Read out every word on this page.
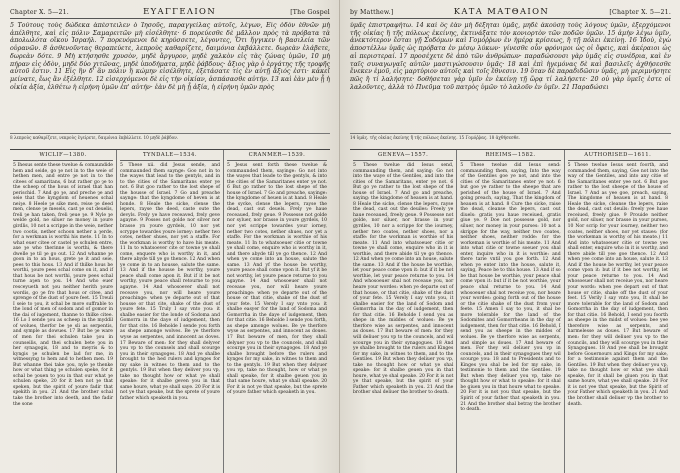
Chapter X. 5—21.	ΕΥΑΓΓΕΛΙΟΝ	[The Gospel

5 Τούτους τοὺς δώδεκα ἀπέστειλεν ὁ Ἰησοῦς, παραγγείλας αὐτοῖς, λέγων, Εἰς ὁδὸν ἐθνῶν μὴ ἀπέλθητε, καὶ εἰς πόλιν Σαμαρειτῶν μὴ εἰσέλθητε· 6 πορεύεσθε δὲ μᾶλλον πρὸς τὰ πρόβατα τὰ ἀπολωλότα οἴκου Ἰσραήλ. 7 πορευόμενοι δὲ κηρύσσετε, λέγοντες, Ὅτι ἤγγικεν ἡ βασιλεία τῶν οὐρανῶν. 8 ἀσθενοῦντας θεραπεύετε, λεπροὺς καθαρίζετε, δαιμόνια ἐκβάλλετε. δωρεὰν ἐλάβετε, δωρεὰν δότε. 9 Μὴ κτήσησθε χρυσὸν, μηδὲ ἄργυρον, μηδὲ χαλκὸν εἰς τὰς ζώνας ὑμῶν, 10 μὴ πήραν εἰς ὁδὸν, μηδὲ δύο χιτῶνας, μηδὲ ὑποδήματα, μηδὲ ῥάβδους· ἄξιος γὰρ ὁ ἐργάτης τῆς τροφῆς αὐτοῦ ἐστιν. 11 Εἰς ἣν δ' ἂν πόλιν ἢ κώμην εἰσέλθητε, ἐξετάσατε τίς ἐν αὐτῇ ἄξιός ἐστι· κἀκεῖ μείνατε, ἕως ἂν ἐξέλθητε. 12 εἰσερχόμενοι δὲ εἰς τὴν οἰκίαν, ἀσπάσασθε αὐτήν. 13 καὶ ἐὰν μὲν ᾖ ἡ οἰκία ἀξία, ἐλθέτω ἡ εἰρήνη ὑμῶν ἐπ' αὐτήν· ἐὰν δὲ μὴ ᾖ ἀξία, ἡ εἰρήνη ὑμῶν πρὸς

8 λεπροὺς καθαρίζετε, νεκροὺς ἐγείρετε, δαιμόνια ἐκβάλλετε. 10 μηδὲ ῥάβδον.
WICLIF—1380.
5 Ihesus sente these twelue & comaundide hem and seide, go ȝe not in to the weie of hethen men, and entre ȝe not in to the citees of samaritans, 6 but rather go ȝe to the scheep of the hous of israel that han perischid. 7 And go ȝe, and preche ȝe and seie that the kyngdom of heuenes schal neiȝe. 8 Heele ȝe sike men, reise ȝe deed men, clense ȝe mesels, cast ȝe out deuelis, freli ȝe han taken, freli ȝeue ȝe. 9 Nyle ȝe welde gold, ne siluer ne money in ȝoure girdlis, 10 not a scrippe in the weie, nether two cootis, nether schoon nether a ȝerde, for a werkman is worthi his mete. 11 In to what euer citee or castel ȝe schulen entre, axe ȝe who therinne is worthi, & there dwelle ȝe til ȝe go out. 12 And whanne ȝe goon in to an hous, grete ȝe it and seie, pees to this hous. 13 And if thilke hous be worthi, ȝoure pees schal come on it, and if that hous be not worthi, ȝoure pees schal turne aȝen to ȝou. 14 And who euer resceyueth not ȝou neither herith ȝoure wordis, go ȝe fro that hous or citee, and sprenge of the dust of ȝoure feet. 15 Treuli I seie to ȝou, it schal be more suffrable to the lond of men of sodom and of gomor in the dai of iugement, thanne to thilke citee. 16 Lo I sende ȝou as scheep in the myddil of wolues, therfor be ȝe sli as serpentis, and symple as dowues. 17 But be ȝe ware of men for thei schulen take ȝou in counseilis, and thei schulen bete ȝou in her synagogis, 18 and to meyris & to kyngis ȝe schulen be lad for me, in witnessyng to hem and to hethen men. 19 But whanne thei take ȝou, nyle ȝe thenke how or what thing ȝe schulen speke, for it schal be ȝouen to ȝou in that our what ȝe schulen speke, 20 for it ben not ȝe that speken, but the spirit of ȝoure fadir that spekith in ȝou. 21 And the brother schal take the brother into deeth, and the fadir the sone
TYNDALE—1534.
5 These xii. did Jesus sende, and commaunded them saynge: Goo not in to the wayes that lead to the gentyls, and in to the cities of the Samaritans enter ye not. 6 But goo rather to the lost shepe of the housse of Israel. 7 Go and preache saynge: that the kyngdome of heven is at honde. 8 Heale the sicke, clense the lepers, rayse the deed, caste oute the devyls. Frely ye have receaved, frely geve agayne. 9 Posses not golde nor silver nor brasse yn youre gyrdels, 10 nor yet scryppe towardes youre iorney: nether two cotes, nether shues, nor yet a staffe. For the workman is worthy to have his meate. 11 In to whatsoever cite or towne ye shall come, enquere who is worthy in it, and there abyde till ye go thence. 12 And when ye come in to an housse, salute the same. 13 And if the housse be worthy, youre peace shall come apon it. But if it be not worthy, youre peace shall retourne to you agayne. 14 And whosoever shall not receave you, nor will heare youre preachinge: when ye departe out of that housse or that cite, shake of the dust of youre fete. 15 Truly I say vnto you: it shalbe easier for the londe of Sodoma and Gomorra in the daye of iudgement, then for that cite. 16 Beholde I sende you forth as shepe amonge wolves. Be ye therfore wyse as serpentes, and innocent as doves. 17 Beware of men: for they shall delyver you vp to the counsels and shall scourge you in their synagoges. 18 And ye shalbe brought to the hed rulers and kynges for my sake in witnes to them and to the gentyls. 19 But when they deliver you vp, take no thought how or what ye shall speake: for it shalbe geven you in that same houre, what ye shall saye. 20 For it is not ye that speake, but the sprete of youre father which speaketh in you.
CRANMER—1539.
5 Jesus sent forth these twelue & commaunded them, sayinge: Go not into the wayes that leade to the gentyls, & into the cities of the Samaritanes enter ye not. 6 But go rather to the lost shepe of the house of Israel. 7 Go and preache, sayinge: the kyngdome of heuen is at hand. 8 Heale the sycke, clense the lepers, rayse the dead, cast out deuels. Frely ye haue receaued, frely geue. 9 Possesse not golde nor syluer, nor brasse in youre gyrdels, 10 nor yet scrippe towardes your iorney, nether two cotes, nether shues, nor yet a staffe. For the workman is worthie of his meate. 11 In to whatsoeuer citie or towne ye shall come, enquire who is worthy in it, and there abyde till ye go thence. 12 And when ye come into an house, salute the same. 13 And yf the house be worthy, youre peace shall come vpon it. But yf it be not worthy, let youre peace returne to you agayne. 14 And whosoeuer shall not receaue you, nor will heare youre preachinge: when ye departe out of the house or that citie, shake of the dust of your fete. 15 Verely I say vnto you: it shalbe easyer for the land of Sodoma and Gomorrha in the daye of iudgement, then for that citie. 16 Beholde I sende you forth, as shepe amonge wolues. Be ye therfore wyse as serpentes, and innocent as doues. 17 But beware of men, for they shall delyuer you vp to the councels, and shall scourge you in their synagoges. 18 And ye shalbe brought before the rulers and kynges for my sake, in witnes to them and to the gentyls. 19 But when they delyuer you vp, take no thought, how or what ye shall speake, for it shalbe geuen you in that same houre, what ye shall speake. 20 For it is not ye that speake, but the sprete of youre father which speaketh in you.
by Matthew.]	ΚΑΤΑ ΜΑΤΘΑΙΟΝ	[Chapter X. 5—21.

ὑμᾶς ἐπιστραφήτω. 14 καὶ ὃς ἐὰν μὴ δέξηται ὑμᾶς, μηδὲ ἀκούσῃ τοὺς λόγους ὑμῶν, ἐξερχόμενοι τῆς οἰκίας ἢ τῆς πόλεως ἐκείνης, ἐκτινάξατε τὸν κονιορτὸν τῶν ποδῶν ὑμῶν. 15 ἀμὴν λέγω ὑμῖν, ἀνεκτότερον ἔσται γῇ Σοδόμων καὶ Γομόῤῥων ἐν ἡμέρᾳ κρίσεως, ἢ τῇ πόλει ἐκείνῃ. 16 Ἰδοὺ, ἐγὼ ἀποστέλλω ὑμᾶς ὡς πρόβατα ἐν μέσῳ λύκων· γίνεσθε οὖν φρόνιμοι ὡς οἱ ὄφεις, καὶ ἀκέραιοι ὡς αἱ περιστεραί. 17 προσέχετε δὲ ἀπὸ τῶν ἀνθρώπων· παραδώσουσι γὰρ ὑμᾶς εἰς συνέδρια, καὶ ἐν ταῖς συναγωγαῖς αὐτῶν μαστιγώσουσιν ὑμᾶς· 18 καὶ ἐπὶ ἡγεμόνας δὲ καὶ βασιλεῖς ἀχθήσεσθε ἕνεκεν ἐμοῦ, εἰς μαρτύριον αὐτοῖς καὶ τοῖς ἔθνεσιν. 19 ὅταν δὲ παραδιδῶσιν ὑμᾶς, μὴ μεριμνήσητε πῶς ἢ τί λαλήσητε· δοθήσεται γὰρ ὑμῖν ἐν ἐκείνῃ τῇ ὥρᾳ τί λαλήσετε· 20 οὐ γὰρ ὑμεῖς ἐστε οἱ λαλοῦντες, ἀλλὰ τὸ Πνεῦμα τοῦ πατρὸς ὑμῶν τὸ λαλοῦν ἐν ὑμῖν. 21 Παραδώσει

14 ὑμᾶς. τῆς οἰκίας ἐκείνης ἢ τῆς πόλεως ἐκείνης. 15 Γομόῤῥας. 18 ἀχθήσεσθε.
GENEVA—1557.
5 These twelue did Iesus send, commaunding them, and saying: Go not into the waye of the Gentiles, and into the cities of the Samaritans, enter ye not. 6 But go ye rather to the lost shepe of the house of Israel. 7 And go and preache, saying: the kingdome of heauen is at hand. 8 Heale the sicke, clense the lepers, rayse the dead, cast out the deuiles: Freely ye haue receaued, freely geue. 9 Possesse not golde, nor siluer, nor brasse in your gyrdles, 10 nor a scrippe for the iourney, nether two coates, nether shoes, nor a staffe: for the workman is worthie of his meate. 11 And into whatsoeuer citie or towne ye shall come, enquire who in it is worthie, and there abide til ye go thence. 12 And when ye come into an house, salute the same. 13 And if the house be worthie, let your peace come vpon it: but if it be not worthie, let your peace returne to you. 14 And whosoeuer shal not receaue you, nor heare your wordes: when ye departe out of that house, or that citie, shake of the dust of your fete. 15 Verely I say vnto you, it shalbe easier for the land of Sodom and Gomorrha in the day of iudgement, then for that citie. 16 Beholde I send you as shepe in the middes of wolues: Be ye therfore wise as serpentes, and innocent as doues. 17 But beware of men: for they will deliuer you vp to the councels, and wil scourge you in their synagogues. 18 And ye shalbe brought to the rulers and Kinges for my sake, in witnes to them, and to the Gentiles. 19 But when they deliuer you vp, take no thought how or what ye shal speake: for it shalbe geuen you in that houre, what ye shal speake. 20 For it is not ye that speake, but the spirit of your Father which speaketh in you. 21 And the brother shal deliuer the brother to death.
RHEIMS—1582.
5 These twelue did Iesus send: commaunding them, saying, Into the way of the Gentiles goe ye not, and into the cities of the Samaritanes enter ye not: 6 but goe ye rather to the sheepe that are perished of the house of Israel. 7 And going preach, saying, That the kingdom of heauen is at hand. 8 Cure the sicke, raise the dead, cleanse the lepers, cast out diuels: gratis you haue receiued, gratis giue ye. 9 Doe not possesse gold, nor siluer, nor money in your purses: 10 not a skrippe for the way, neither two coates, neither shoes, neither rodde: for the workeman is worthie of his meate. 11 And into what citie or towne soeuer you shal enter, inquire who in it is worthie: and there tarie vntil you goe forth. 12 And when ye enter into the house, salute it, saying, Peace be to this house. 13 And if so be that house be worthie, your peace shal come vpon it: but if it be not worthie, your peace shal returne to you. 14 And whosoeuer shal not receiue you, nor heare your wordes: going forth out of the house or the citie shake of the dust from your feete. 15 Amen I say to you, it shal be more tolerable for the land of the Sodomites and Gomorrheans in the day of iudgement, then for that citie. 16 Behold, I send you as sheepe in the middes of wolues. Be ye therfore wise as serpents, and simple as doues. 17 And beware of men. For they wil deliuer you vp in councels, and in their synagogues they wil scourge you: 18 and to Presidents and to Kinges you shal be led for my sake, in testimonie to them and the Gentiles. 19 But when they deliuer you vp, take no thought how or what to speake: for it shal be giuen you in that houre what to speake. 20 For it is not you that speake, but the Spirit of your father that speaketh in you. 21 And the brother shal betray the brother to death.
AUTHORISED—1611.
5 These twelue Iesus sent foorth, and commanded them, saying, Goe not into the way of the Gentiles, and into any citie of the Samaritanes enter yee not. 6 But goe rather to the lost sheepe of the house of Israel. 7 And as yee goe, preach, saying, The kingdome of heauen is at hand. 8 Heale the sicke, cleanse the lepers, raise the dead, cast out deuils: freely yee haue receiued, freely giue. 9 Prouide neither gold, nor siluer, nor brasse in your purses, 10 Nor scrip for your iourney, neither two coates, neither shoes, nor yet staues: (for the workeman is worthy of his meate.) 11 And into whatsoeuer citie or towne yee shall enter, enquire who in it is worthy, and there abide till yee goe thence. 12 And when yee come into an house, salute it. 13 And if the house be worthy, let your peace come vpon it: but if it bee not worthy, let your peace returne to you. 14 And whosoeuer shall not receiue you, nor heare your words: when yee depart out of that house or citie, shake off the dust of your feet. 15 Verily I say vnto you, It shall be more tolerable for the land of Sodom and Gomorrha in the day of iudgement, then for that citie. 16 Behold, I send you foorth as sheepe in the midst of wolues: bee yee therefore wise as serpents, and harmelesse as doues. 17 But beware of men: for they will deliuer you vp to the councils, and they will scourge you in their Synagogues. 18 And yee shall be brought before Gouernours and Kings for my sake, for a testimonie against them and the Gentiles. 19 But when they deliuer you vp, take no thought how or what yee shall speake, for it shall be giuen you in that same houre, what yee shall speake. 20 For it is not yee that speake, but the Spirit of your Father which speaketh in you. 21 And the brother shall deliuer vp the brother to death.
